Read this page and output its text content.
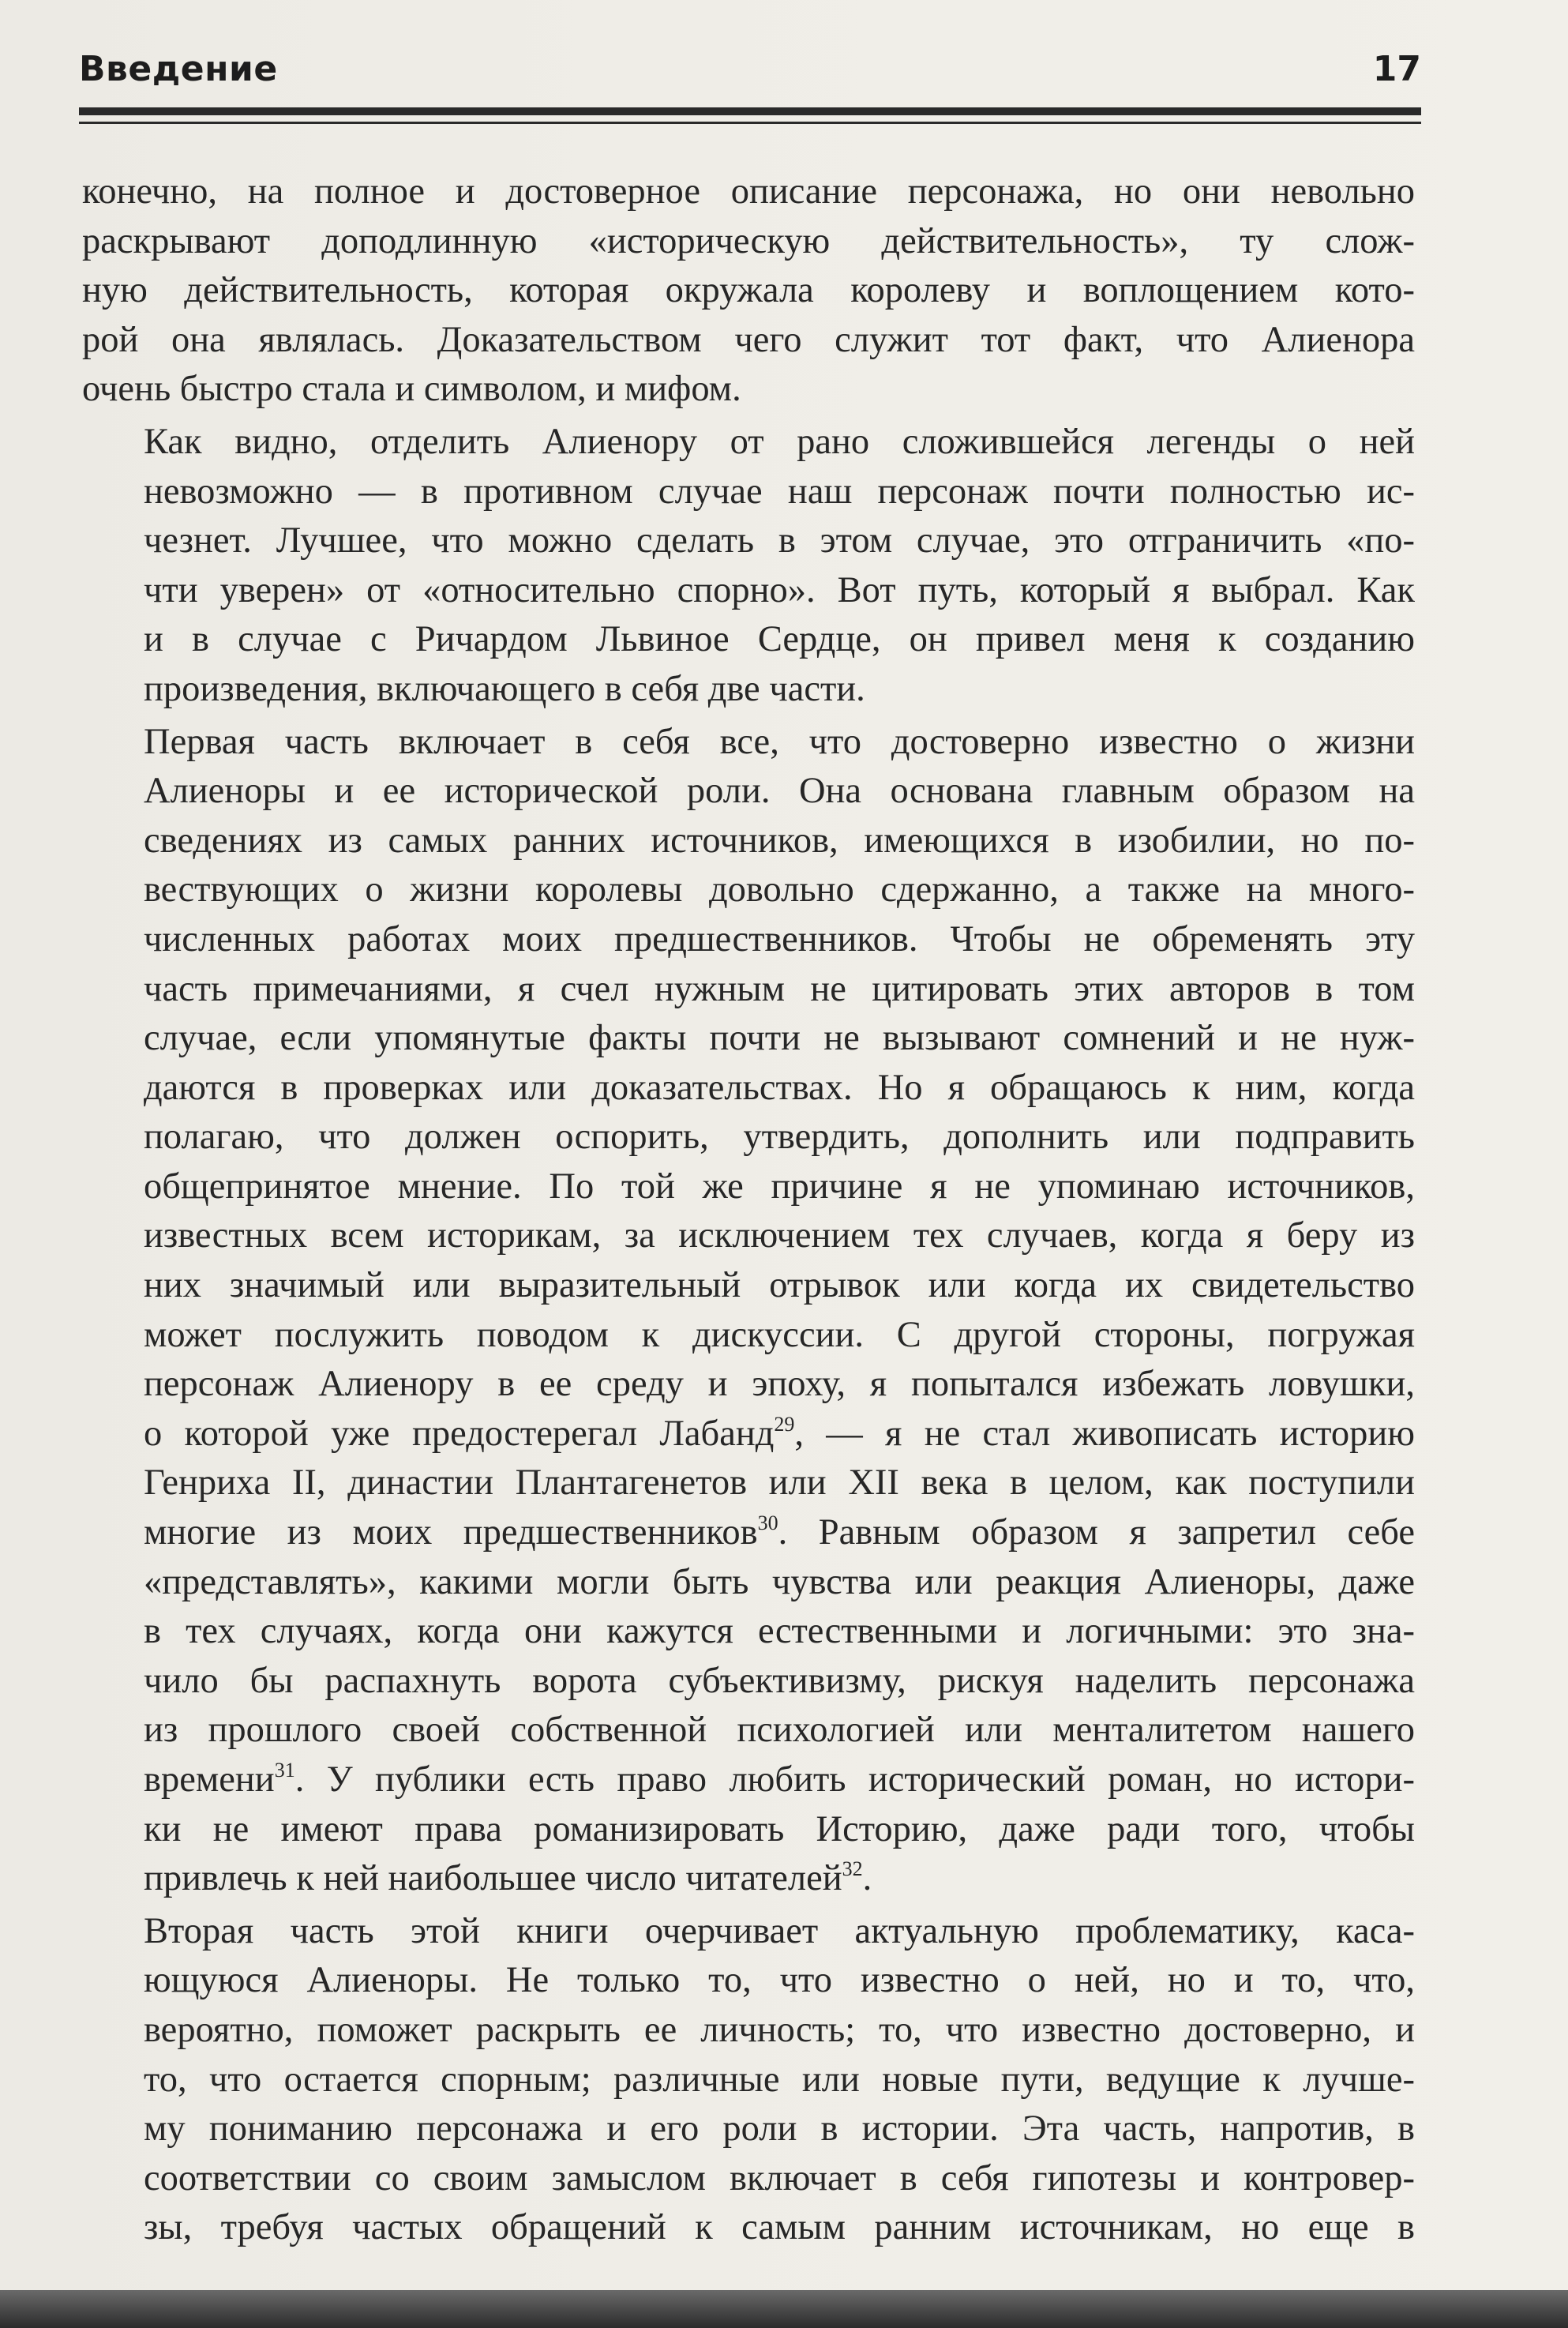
Введение	17

конечно, на полное и достоверное описание персонажа, но они невольно
раскрывают доподлинную «историческую действительность», ту слож-
ную действительность, которая окружала королеву и воплощением кото-
рой она являлась. Доказательством чего служит тот факт, что Алиенора
очень быстро стала и символом, и мифом.

Как видно, отделить Алиенору от рано сложившейся легенды о ней
невозможно — в противном случае наш персонаж почти полностью ис-
чезнет. Лучшее, что можно сделать в этом случае, это отграничить «по-
чти уверен» от «относительно спорно». Вот путь, который я выбрал. Как
и в случае с Ричардом Львиное Сердце, он привел меня к созданию
произведения, включающего в себя две части.

Первая часть включает в себя все, что достоверно известно о жизни
Алиеноры и ее исторической роли. Она основана главным образом на
сведениях из самых ранних источников, имеющихся в изобилии, но по-
вествующих о жизни королевы довольно сдержанно, а также на много-
численных работах моих предшественников. Чтобы не обременять эту
часть примечаниями, я счел нужным не цитировать этих авторов в том
случае, если упомянутые факты почти не вызывают сомнений и не нуж-
даются в проверках или доказательствах. Но я обращаюсь к ним, когда
полагаю, что должен оспорить, утвердить, дополнить или подправить
общепринятое мнение. По той же причине я не упоминаю источников,
известных всем историкам, за исключением тех случаев, когда я беру из
них значимый или выразительный отрывок или когда их свидетельство
может послужить поводом к дискуссии. С другой стороны, погружая
персонаж Алиенору в ее среду и эпоху, я попытался избежать ловушки,
о которой уже предостерегал Лабанд$^{29}$, — я не стал живописать историю
Генриха II, династии Плантагенетов или XII века в целом, как поступили
многие из моих предшественников$^{30}$. Равным образом я запретил себе
«представлять», какими могли быть чувства или реакция Алиеноры, даже
в тех случаях, когда они кажутся естественными и логичными: это зна-
чило бы распахнуть ворота субъективизму, рискуя наделить персонажа
из прошлого своей собственной психологией или менталитетом нашего
времени$^{31}$. У публики есть право любить исторический роман, но истори-
ки не имеют права романизировать Историю, даже ради того, чтобы
привлечь к ней наибольшее число читателей$^{32}$.

Вторая часть этой книги очерчивает актуальную проблематику, каса-
ющуюся Алиеноры. Не только то, что известно о ней, но и то, что,
вероятно, поможет раскрыть ее личность; то, что известно достоверно, и
то, что остается спорным; различные или новые пути, ведущие к лучше-
му пониманию персонажа и его роли в истории. Эта часть, напротив, в
соответствии со своим замыслом включает в себя гипотезы и контровер-
зы, требуя частых обращений к самым ранним источникам, но еще в
